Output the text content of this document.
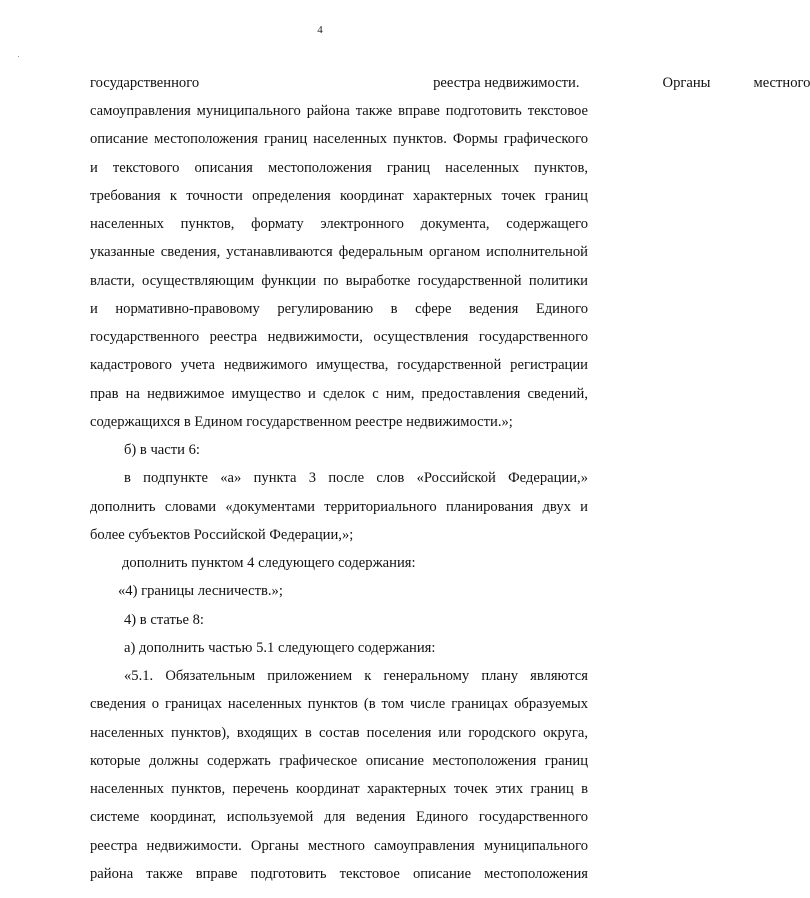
4
государственного	реестра недвижимости.	Органы	местного
самоуправления муниципального района также вправе подготовить текстовое
описание местоположения границ населенных пунктов. Формы графического
и текстового описания местоположения границ населенных пунктов,
требования к точности определения координат характерных точек границ
населенных пунктов, формату электронного документа, содержащего
указанные сведения, устанавливаются федеральным органом исполнительной
власти, осуществляющим функции по выработке государственной политики
и нормативно-правовому регулированию в сфере ведения Единого
государственного реестра недвижимости, осуществления государственного
кадастрового учета недвижимого имущества, государственной регистрации
прав на недвижимое имущество и сделок с ним, предоставления сведений,
содержащихся в Едином государственном реестре недвижимости.»;
б) в части 6:
в подпункте «а» пункта 3 после слов «Российской Федерации,»
дополнить словами «документами территориального планирования двух и
более субъектов Российской Федерации,»;
дополнить пунктом 4 следующего содержания:
«4) границы лесничеств.»;
4) в статье 8:
а) дополнить частью 5.1 следующего содержания:
«5.1. Обязательным приложением к генеральному плану являются
сведения о границах населенных пунктов (в том числе границах образуемых
населенных пунктов), входящих в состав поселения или городского округа,
которые должны содержать графическое описание местоположения границ
населенных пунктов, перечень координат характерных точек этих границ в
системе координат, используемой для ведения Единого государственного
реестра недвижимости. Органы местного самоуправления муниципального
района также вправе подготовить текстовое описание местоположения
